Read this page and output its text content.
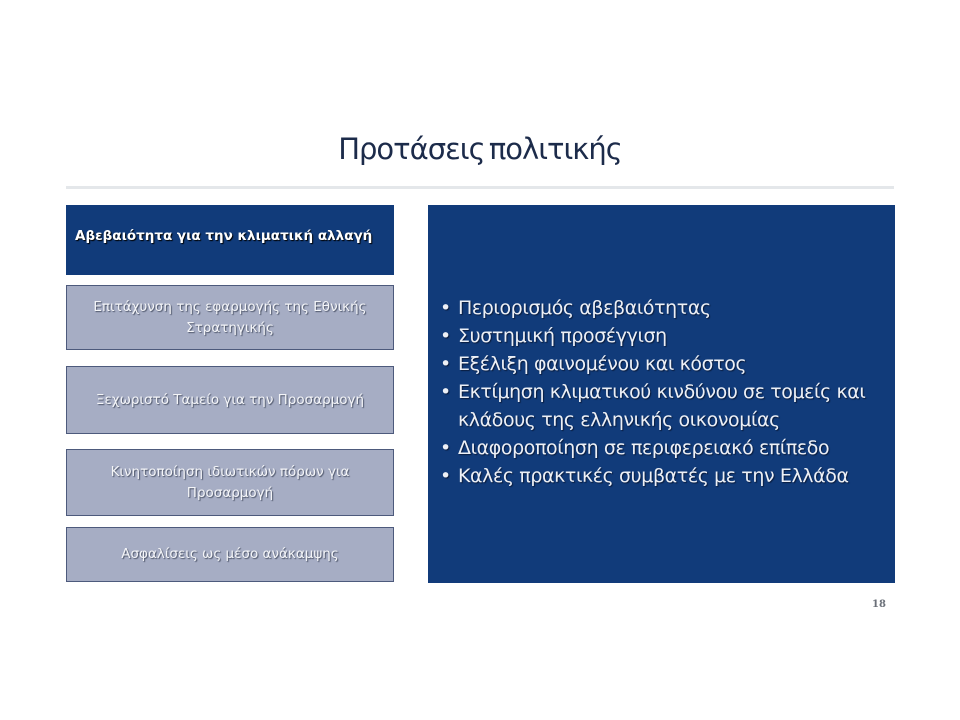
Προτάσεις πολιτικής
Αβεβαιότητα για την κλιματική αλλαγή
Επιτάχυνση της εφαρμογής της Εθνικής Στρατηγικής
Ξεχωριστό Ταμείο για την Προσαρμογή
Κινητοποίηση ιδιωτικών πόρων για Προσαρμογή
Ασφαλίσεις ως μέσο ανάκαμψης
• Περιορισμός αβεβαιότητας
• Συστημική προσέγγιση
• Εξέλιξη φαινομένου και κόστος
• Εκτίμηση κλιματικού κινδύνου σε τομείς και κλάδους της ελληνικής οικονομίας
• Διαφοροποίηση σε περιφερειακό επίπεδο
• Καλές πρακτικές συμβατές με την Ελλάδα
18
